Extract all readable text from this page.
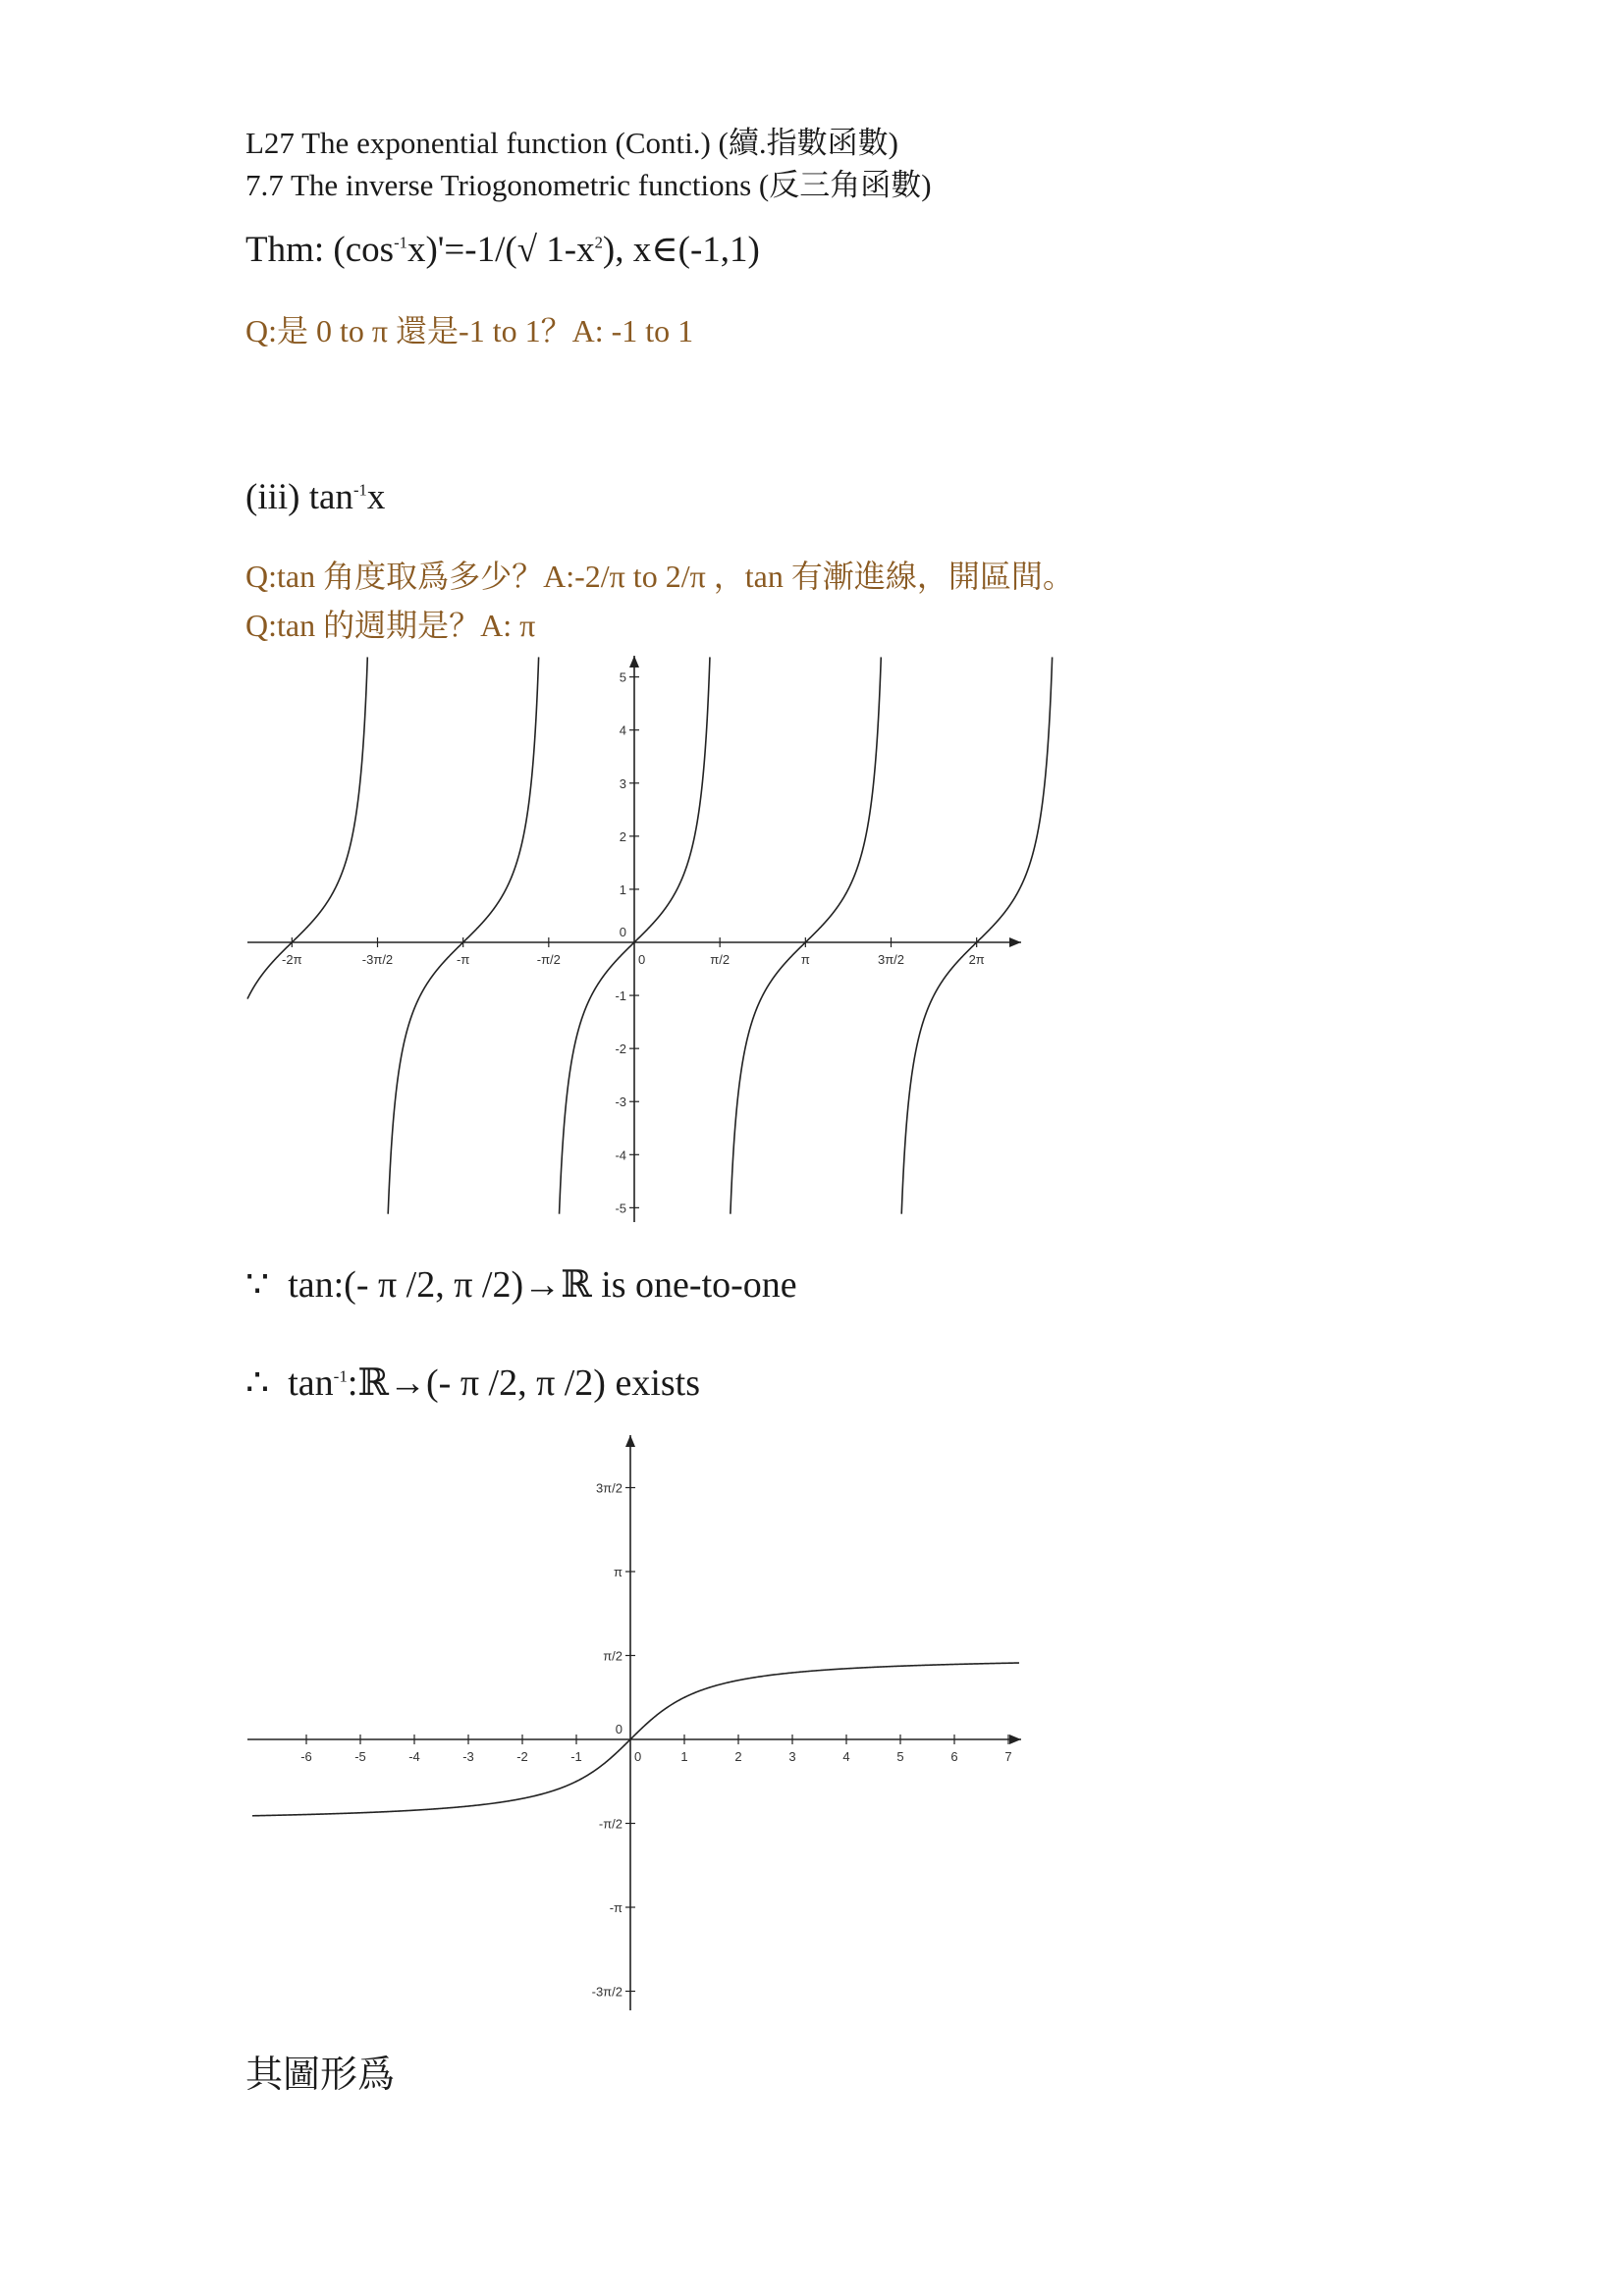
L27 The exponential function (Conti.) (續.指數函數)
7.7 The inverse Triogonometric functions (反三角函數)
Thm: $(\cos^{-1}x)'=-1/(√$ $1-x^2$), x∈(-1,1)
Q:是 0 to π 還是-1 to 1？A: -1 to 1
(iii) $\tan^{-1}x$
Q:tan 角度取爲多少？A:-2/π to 2/π ，tan 有漸進線，開區間。
Q:tan 的週期是？A: π
-2π	-3π/2	-π	-π/2	0	π/2	π	3π/2	2π
5
4
3
2
1
0
-1
-2
-3
-4
-5
-6	-5	-4	-3	-2	-1	0	1	2	3	4	5	6	7
3π/2
π
π/2
0
-π/2
-π
-3π/2
∵ tan:(- π /2, π /2)→ℝ is one-to-one
∴ $\tan^{-1}:ℝ\to(-$ π /2, π /2) exists
其圖形爲
